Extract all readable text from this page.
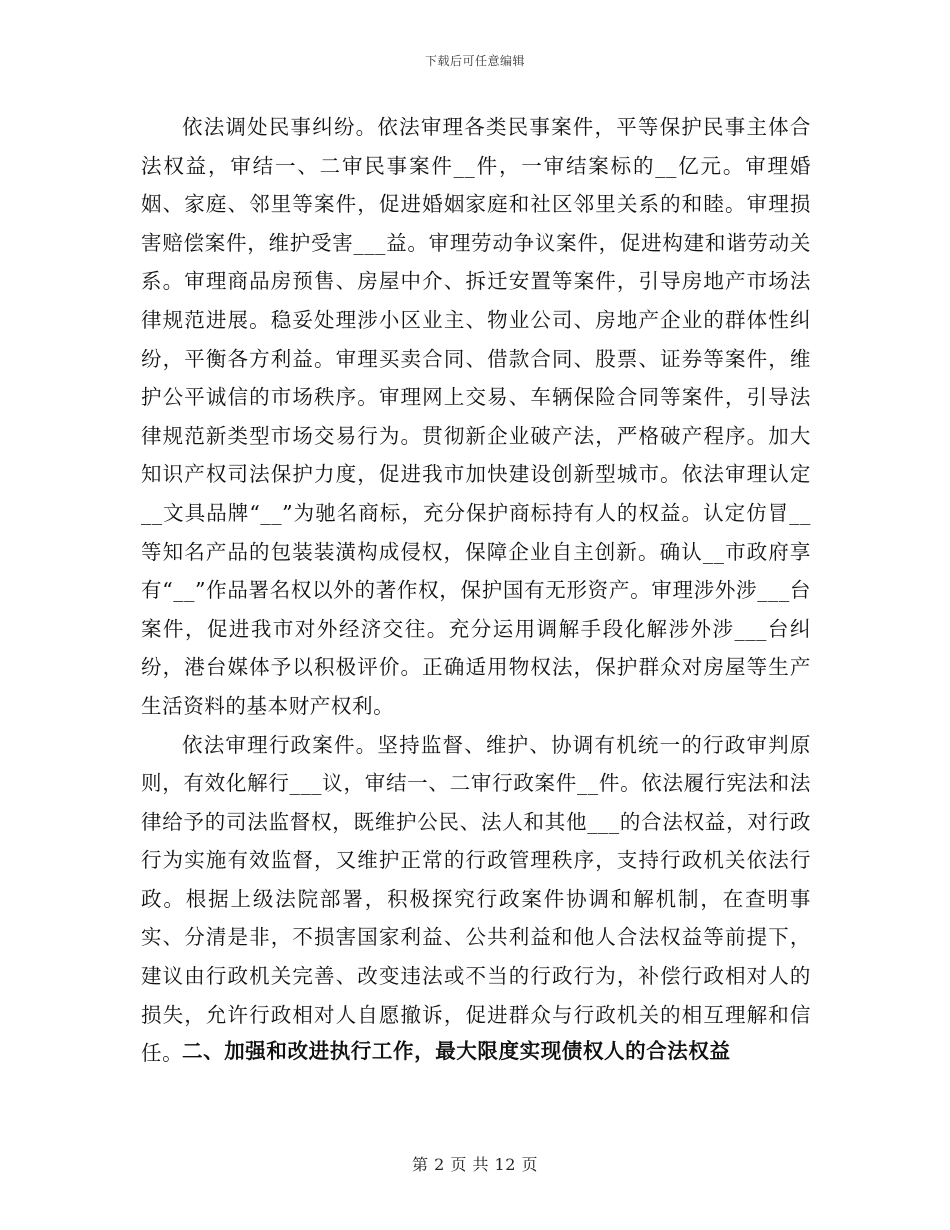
下载后可任意编辑

依法调处民事纠纷。依法审理各类民事案件，平等保护民事主体合法权益，审结一、二审民事案件__件，一审结案标的__亿元。审理婚姻、家庭、邻里等案件，促进婚姻家庭和社区邻里关系的和睦。审理损害赔偿案件，维护受害___益。审理劳动争议案件，促进构建和谐劳动关系。审理商品房预售、房屋中介、拆迁安置等案件，引导房地产市场法律规范进展。稳妥处理涉小区业主、物业公司、房地产企业的群体性纠纷，平衡各方利益。审理买卖合同、借款合同、股票、证券等案件，维护公平诚信的市场秩序。审理网上交易、车辆保险合同等案件，引导法律规范新类型市场交易行为。贯彻新企业破产法，严格破产程序。加大知识产权司法保护力度，促进我市加快建设创新型城市。依法审理认定__文具品牌“__”为驰名商标，充分保护商标持有人的权益。认定仿冒__等知名产品的包装装潢构成侵权，保障企业自主创新。确认__市政府享有“__”作品署名权以外的著作权，保护国有无形资产。审理涉外涉___台案件，促进我市对外经济交往。充分运用调解手段化解涉外涉___台纠纷，港台媒体予以积极评价。正确适用物权法，保护群众对房屋等生产生活资料的基本财产权利。

依法审理行政案件。坚持监督、维护、协调有机统一的行政审判原则，有效化解行___议，审结一、二审行政案件__件。依法履行宪法和法律给予的司法监督权，既维护公民、法人和其他___的合法权益，对行政行为实施有效监督，又维护正常的行政管理秩序，支持行政机关依法行政。根据上级法院部署，积极探究行政案件协调和解机制，在查明事实、分清是非，不损害国家利益、公共利益和他人合法权益等前提下，建议由行政机关完善、改变违法或不当的行政行为，补偿行政相对人的损失，允许行政相对人自愿撤诉，促进群众与行政机关的相互理解和信任。

二、加强和改进执行工作，最大限度实现债权人的合法权益
第 2 页 共 12 页
